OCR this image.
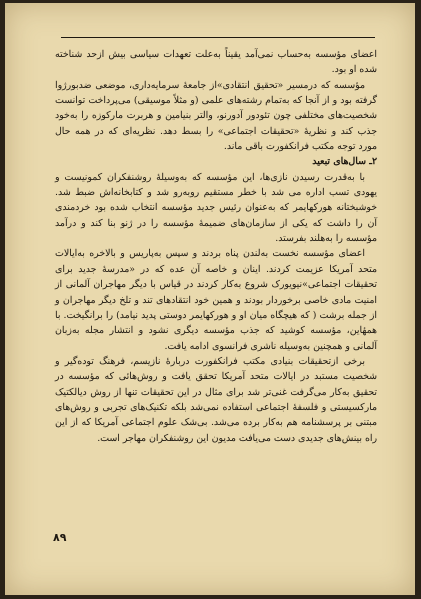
اعضای مؤسسه به‌حساب نمی‌آمد یقیناً به‌علت تعهدات سیاسی بیش ازحد شناخته شده او بود.

مؤسسه که درمسیر «تحقیق انتقادی»از جامعهٔ سرمایه‌داری، موضعی ضدبورژوا گرفته بود و از آنجا که به‌تمام رشته‌های علمی (و مثلاً موسیقی) می‌پرداخت توانست شخصیت‌های مختلفی چون تئودور آدورنو، والتر بنیامین و هربرت مارکوزه را به‌خود جذب کند و نظریهٔ «تحقیقات اجتماعی» را بسط دهد. نظریه‌ای که در همه حال مورد توجه مکتب فرانکفورت باقی ماند.

۲ـ سال‌های تبعید

با به‌قدرت رسیدن نازی‌ها، این مؤسسه که به‌وسیلهٔ روشنفکران کمونیست و یهودی تسب اداره می شد با خطر مستقیم روبه‌رو شد و کتابخانه‌اش ضبط شد. خوشبختانه هورکهایمر که به‌عنوان رئیس جدید مؤسسه انتخاب شده بود خردمندی آن را داشت که یکی از سازمان‌های ضمیمهٔ مؤسسه را در ژنو بنا کند و درآمد مؤسسه را به‌هلند بفرستد.

اعضای مؤسسه نخست به‌لندن پناه بردند و سپس به‌پاریس و بالاخره به‌ایالات متحد آمریکا عزیمت کردند. اینان و خاصه آن عده که در «مدرسهٔ جدید برای تحقیقات اجتماعی»نیویورک شروع به‌کار کردند در قیاس با دیگر مهاجران آلمانی از امنیت مادی خاصی برخوردار بودند و همین خود انتقادهای تند و تلخ دیگر مهاجران و از جمله برشت ( که هیچگاه میان او و هورکهایمر دوستی پدید نیامد) را برانگیخت. با همهٔاین، مؤسسه کوشید که جذب مؤسسه دیگری نشود و انتشار مجله به‌زبان آلمانی و همچنین به‌وسیله ناشری فرانسوی ادامه یافت.

برخی ازتحقیقات بنیادی مکتب فرانکفورت دربارهٔ نازیسم، فرهنگ توده‌گیر و شخصیت مستبد در ایالات متحد آمریکا تحقق یافت و روش‌هائی که مؤسسه در تحقیق به‌کار می‌گرفت غنی‌تر شد برای مثال در این تحقیقات تنها از روش دیالکتیک مارکسیستی و فلسفهٔ اجتماعی استفاده نمی‌شد بلکه تکنیک‌های تجربی و روش‌های مبتنی بر پرسشنامه هم به‌کار برده می‌شد. بی‌شک علوم اجتماعی آمریکا که از این راه بینش‌های جدیدی دست می‌یافت مدیون این روشنفکران مهاجر است.

۸۹
